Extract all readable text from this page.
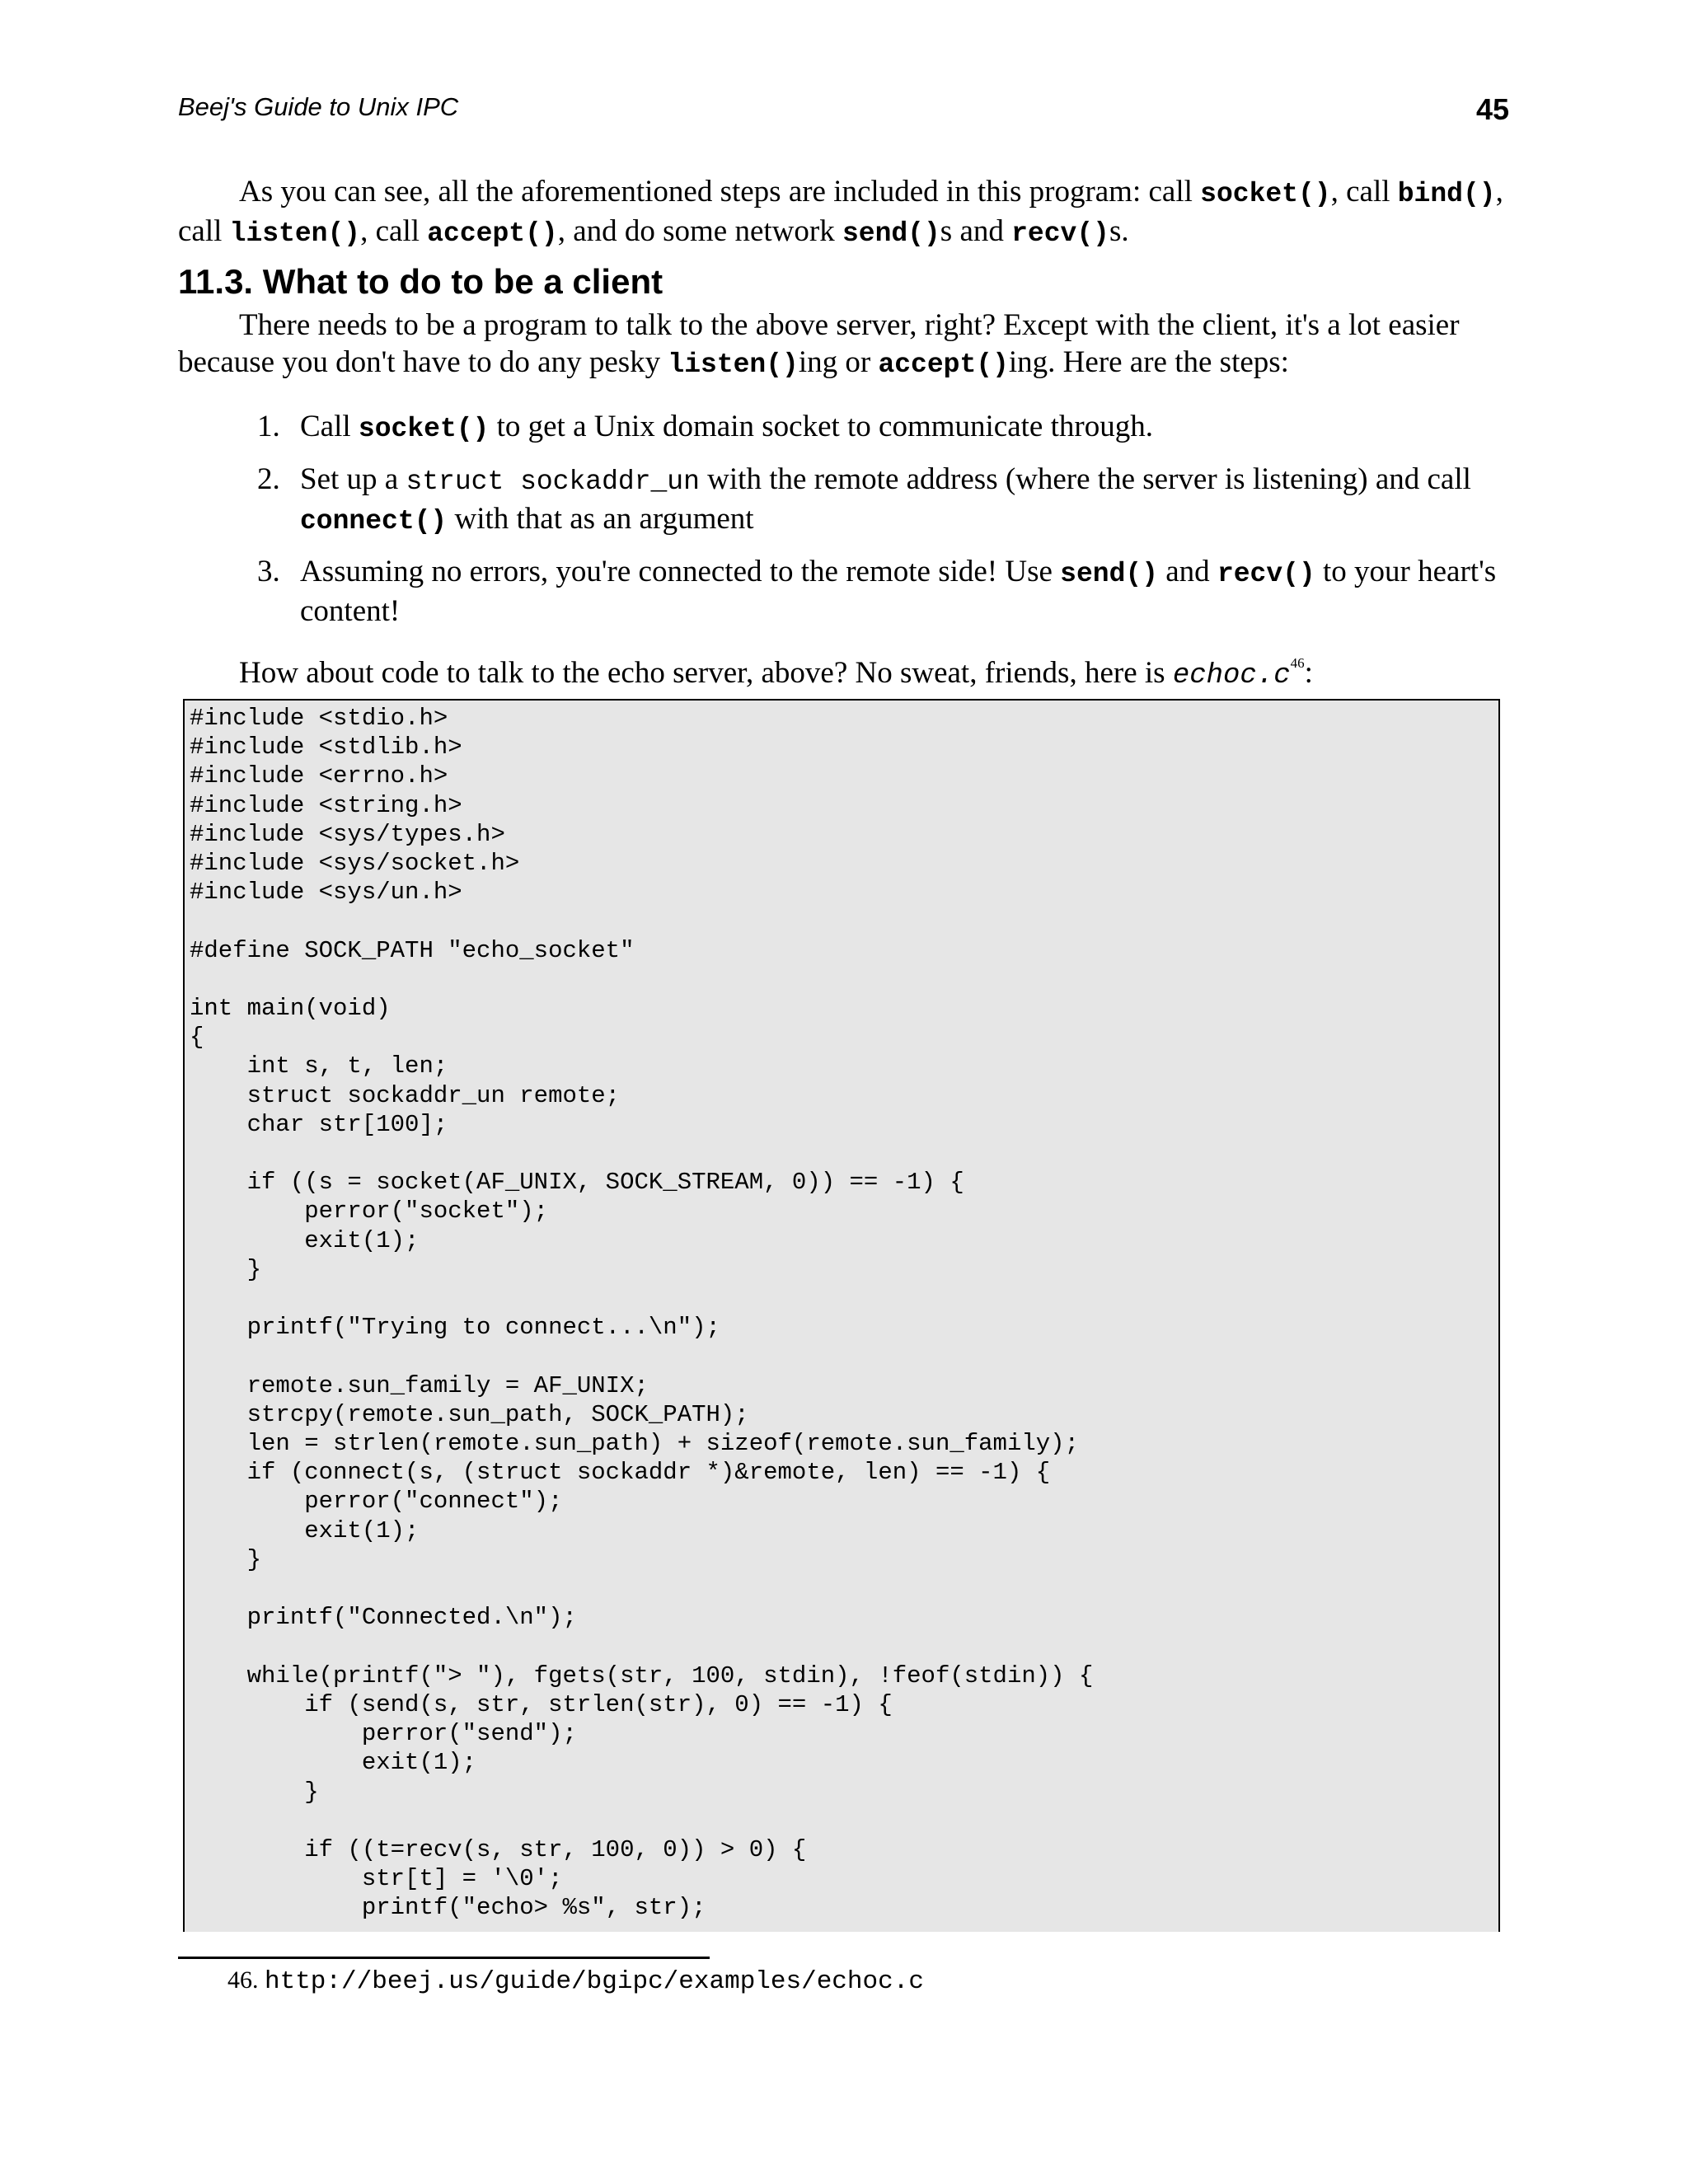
Beej's Guide to Unix IPC	45

As you can see, all the aforementioned steps are included in this program: call socket(), call bind(), call listen(), call accept(), and do some network send()s and recv()s.

11.3. What to do to be a client

There needs to be a program to talk to the above server, right? Except with the client, it's a lot easier because you don't have to do any pesky listen()ing or accept()ing. Here are the steps:

1. Call socket() to get a Unix domain socket to communicate through.
2. Set up a struct sockaddr_un with the remote address (where the server is listening) and call connect() with that as an argument
3. Assuming no errors, you're connected to the remote side! Use send() and recv() to your heart's content!

How about code to talk to the echo server, above? No sweat, friends, here is $echoc.c^{46}$:

#include <stdio.h>
#include <stdlib.h>
#include <errno.h>
#include <string.h>
#include <sys/types.h>
#include <sys/socket.h>
#include <sys/un.h>

#define SOCK_PATH "echo_socket"

int main(void)
{
int s, t, len;
struct sockaddr_un remote;
char str[100];

if ((s = socket(AF_UNIX, SOCK_STREAM, 0)) == -1) {
perror("socket");
exit(1);
}

printf("Trying to connect...\n");

remote.sun_family = AF_UNIX;
strcpy(remote.sun_path, SOCK_PATH);
len = strlen(remote.sun_path) + sizeof(remote.sun_family);
if (connect(s, (struct sockaddr *)&remote, len) == -1) {
perror("connect");
exit(1);
}

printf("Connected.\n");

while(printf("> "), fgets(str, 100, stdin), !feof(stdin)) {
if (send(s, str, strlen(str), 0) == -1) {
perror("send");
exit(1);
}

if ((t=recv(s, str, 100, 0)) > 0) {
str[t] = '\0';
printf("echo> %s", str);
46. http://beej.us/guide/bgipc/examples/echoc.c
